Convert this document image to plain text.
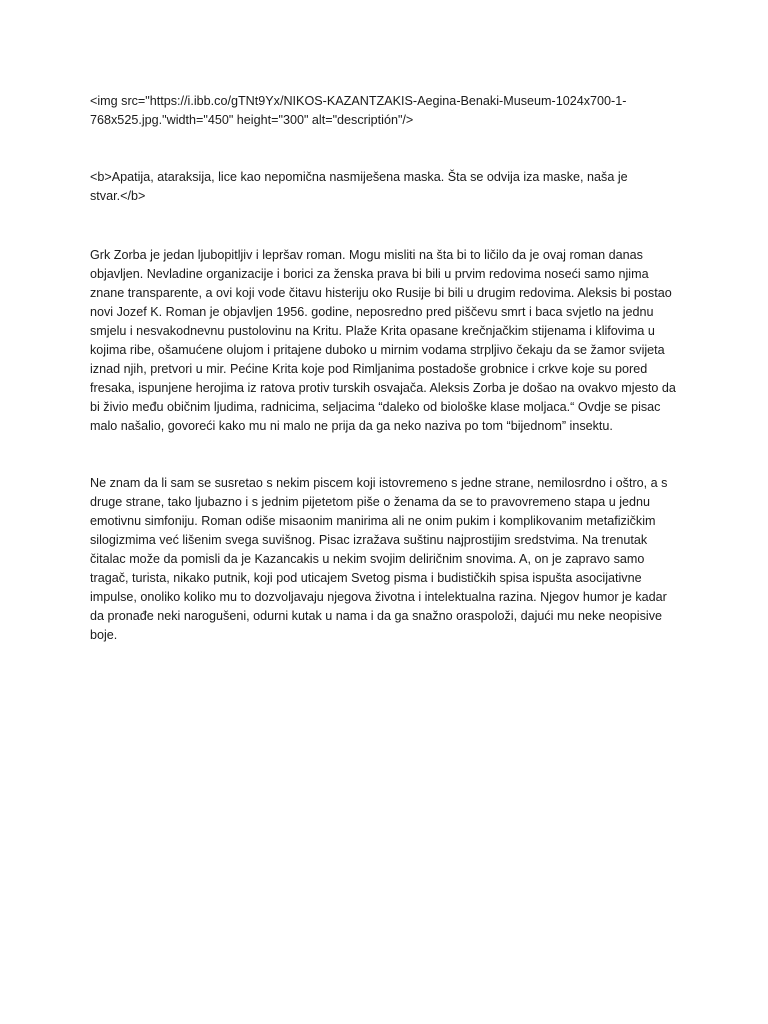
<img src="https://i.ibb.co/gTNt9Yx/NIKOS-KAZANTZAKIS-Aegina-Benaki-Museum-1024x700-1-
768x525.jpg."width="450" height="300" alt="descriptión"/>

<b>Apatija, ataraksija, lice kao nepomična nasmiješena maska. Šta se odvija iza maske, naša je
stvar.</b>

Grk Zorba je jedan ljubopitljiv i lepršav roman. Mogu misliti na šta bi to ličilo da je ovaj roman danas
objavljen. Nevladine organizacije i borici za ženska prava bi bili u prvim redovima noseći samo njima
znane transparente, a ovi koji vode čitavu histeriju oko Rusije bi bili u drugim redovima. Aleksis bi postao
novi Jozef K. Roman je objavljen 1956. godine, neposredno pred piščevu smrt i baca svjetlo na jednu
smjelu i nesvakodnevnu pustolovinu na Kritu. Plaže Krita opasane krečnjačkim stijenama i klifovima u
kojima ribe, ošamućene olujom i pritajene duboko u mirnim vodama strpljivo čekaju da se žamor svijeta
iznad njih, pretvori u mir. Pećine Krita koje pod Rimljanima postadoše grobnice i crkve koje su pored
fresaka, ispunjene herojima iz ratova protiv turskih osvajača. Aleksis Zorba je došao na ovakvo mjesto da
bi živio među običnim ljudima, radnicima, seljacima “daleko od biološke klase moljaca.“ Ovdje se pisac
malo našalio, govoreći kako mu ni malo ne prija da ga neko naziva po tom “bijednom” insektu.

Ne znam da li sam se susretao s nekim piscem koji istovremeno s jedne strane, nemilosrdno i oštro, a s
druge strane, tako ljubazno i s jednim pijetetom piše o ženama da se to pravovremeno stapa u jednu
emotivnu simfoniju. Roman odiše misaonim manirima ali ne onim pukim i komplikovanim metafizičkim
silogizmima već lišenim svega suvišnog. Pisac izražava suštinu najprostijim sredstvima. Na trenutak
čitalac može da pomisli da je Kazancakis u nekim svojim deliričnim snovima. A, on je zapravo samo
tragač, turista, nikako putnik, koji pod uticajem Svetog pisma i budističkih spisa ispušta asocijativne
impulse, onoliko koliko mu to dozvoljavaju njegova životna i intelektualna razina. Njegov humor je kadar
da pronađe neki narogušeni, odurni kutak u nama i da ga snažno oraspoloži, dajući mu neke neopisive
boje.
